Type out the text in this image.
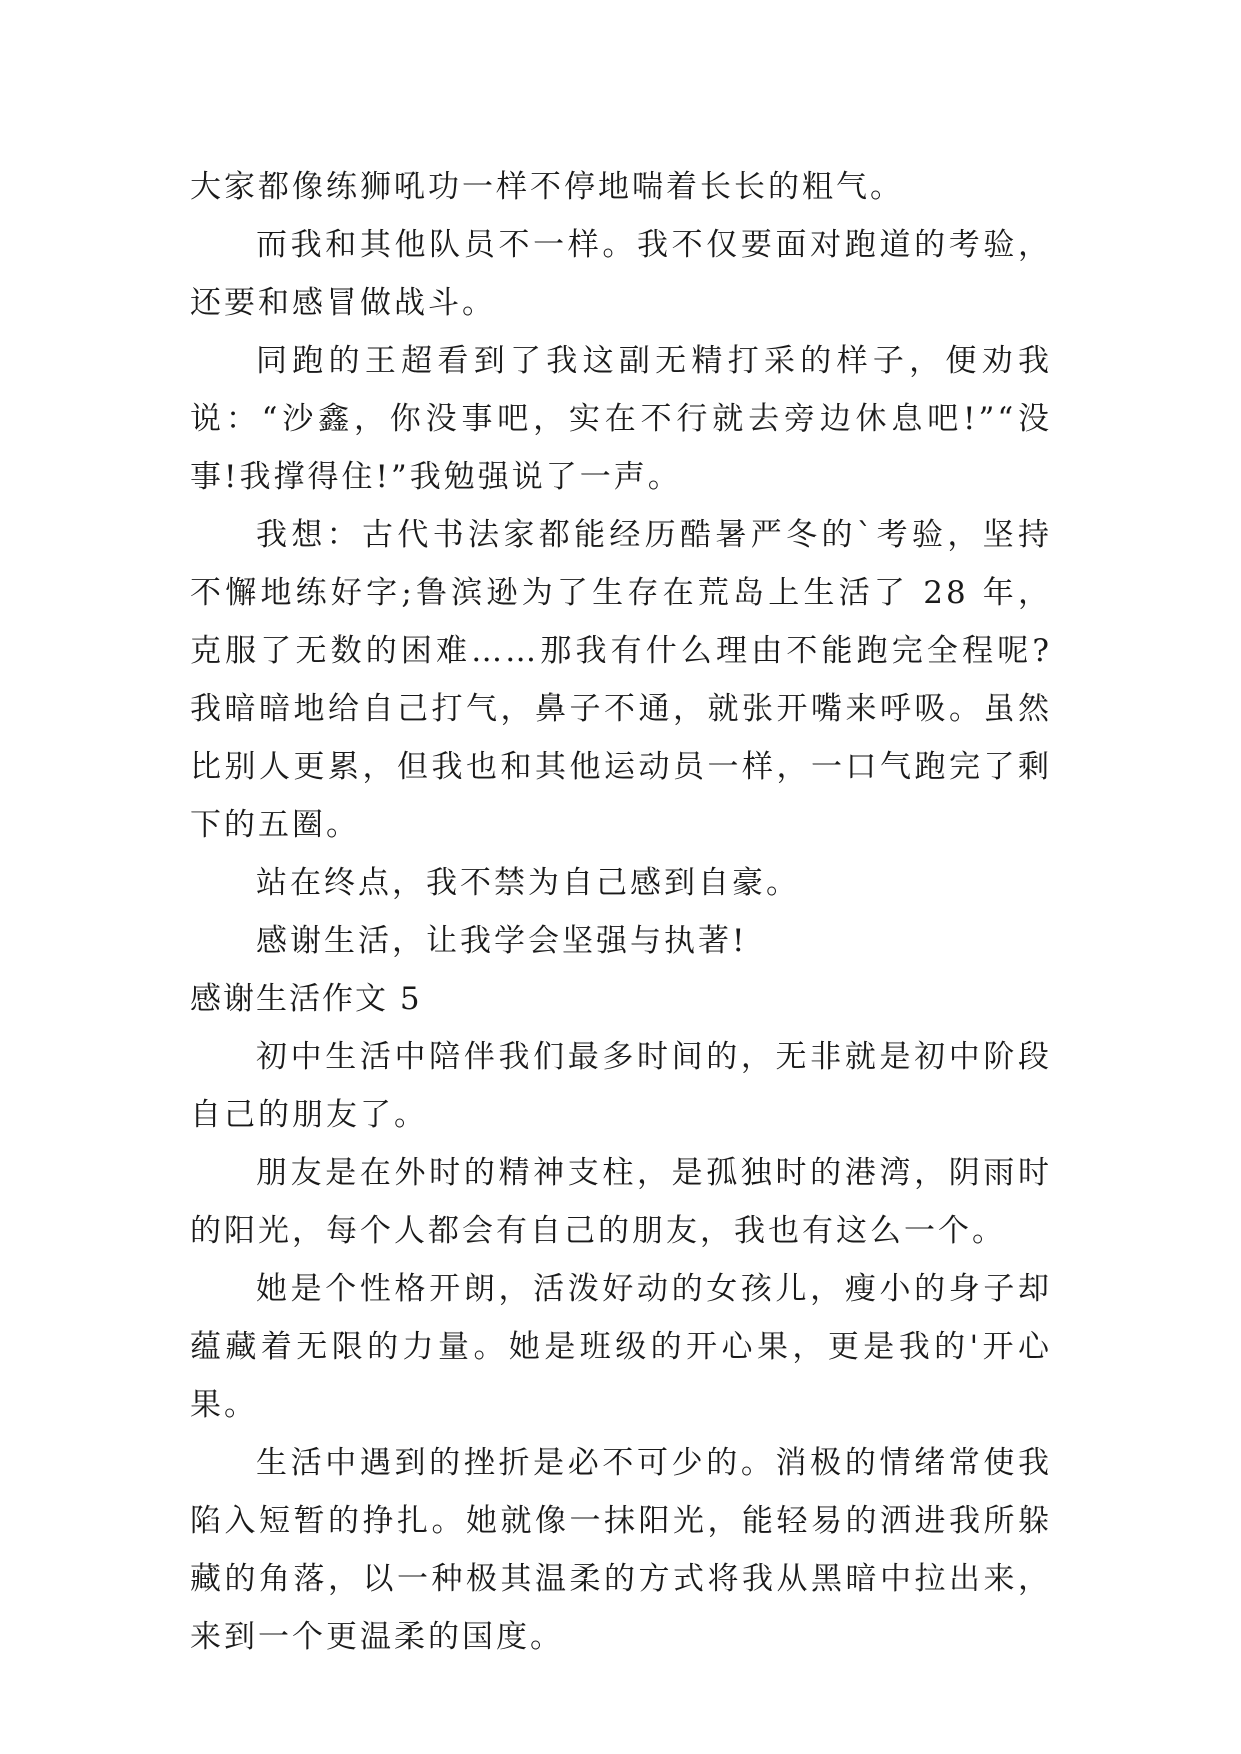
大家都像练狮吼功一样不停地喘着长长的粗气。

而我和其他队员不一样。我不仅要面对跑道的考验，还要和感冒做战斗。

同跑的王超看到了我这副无精打采的样子，便劝我说：“沙鑫，你没事吧，实在不行就去旁边休息吧!”“没事!我撑得住!”我勉强说了一声。

我想：古代书法家都能经历酷暑严冬的`考验，坚持不懈地练好字;鲁滨逊为了生存在荒岛上生活了 28 年，克服了无数的困难……那我有什么理由不能跑完全程呢?我暗暗地给自己打气，鼻子不通，就张开嘴来呼吸。虽然比别人更累，但我也和其他运动员一样，一口气跑完了剩下的五圈。

站在终点，我不禁为自己感到自豪。

感谢生活，让我学会坚强与执著!

感谢生活作文 5

初中生活中陪伴我们最多时间的，无非就是初中阶段自己的朋友了。

朋友是在外时的精神支柱，是孤独时的港湾，阴雨时的阳光，每个人都会有自己的朋友，我也有这么一个。

她是个性格开朗，活泼好动的女孩儿，瘦小的身子却蕴藏着无限的力量。她是班级的开心果，更是我的'开心果。

生活中遇到的挫折是必不可少的。消极的情绪常使我陷入短暂的挣扎。她就像一抹阳光，能轻易的洒进我所躲藏的角落，以一种极其温柔的方式将我从黑暗中拉出来，来到一个更温柔的国度。
